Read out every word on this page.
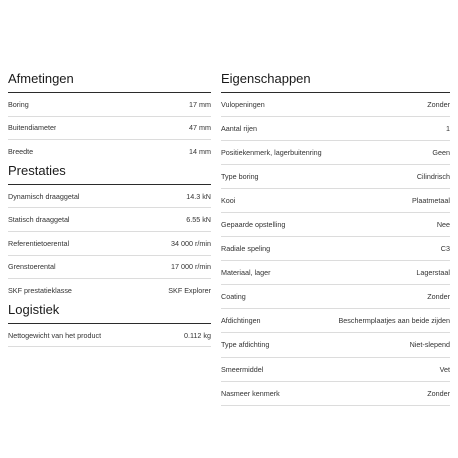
Afmetingen
Boring	17 mm
Buitendiameter	47 mm
Breedte	14 mm
Prestaties
Dynamisch draaggetal	14.3 kN
Statisch draaggetal	6.55 kN
Referentietoerental	34 000 r/min
Grenstoerental	17 000 r/min
SKF prestatieklasse	SKF Explorer
Logistiek
Nettogewicht van het product	0.112 kg
Eigenschappen
Vulopeningen	Zonder
Aantal rijen	1
Positiekenmerk, lagerbuitenring	Geen
Type boring	Cilindrisch
Kooi	Plaatmetaal
Gepaarde opstelling	Nee
Radiale speling	C3
Materiaal, lager	Lagerstaal
Coating	Zonder
Afdichtingen	Beschermplaatjes aan beide zijden
Type afdichting	Niet-slepend
Smeermiddel	Vet
Nasmeer kenmerk	Zonder
